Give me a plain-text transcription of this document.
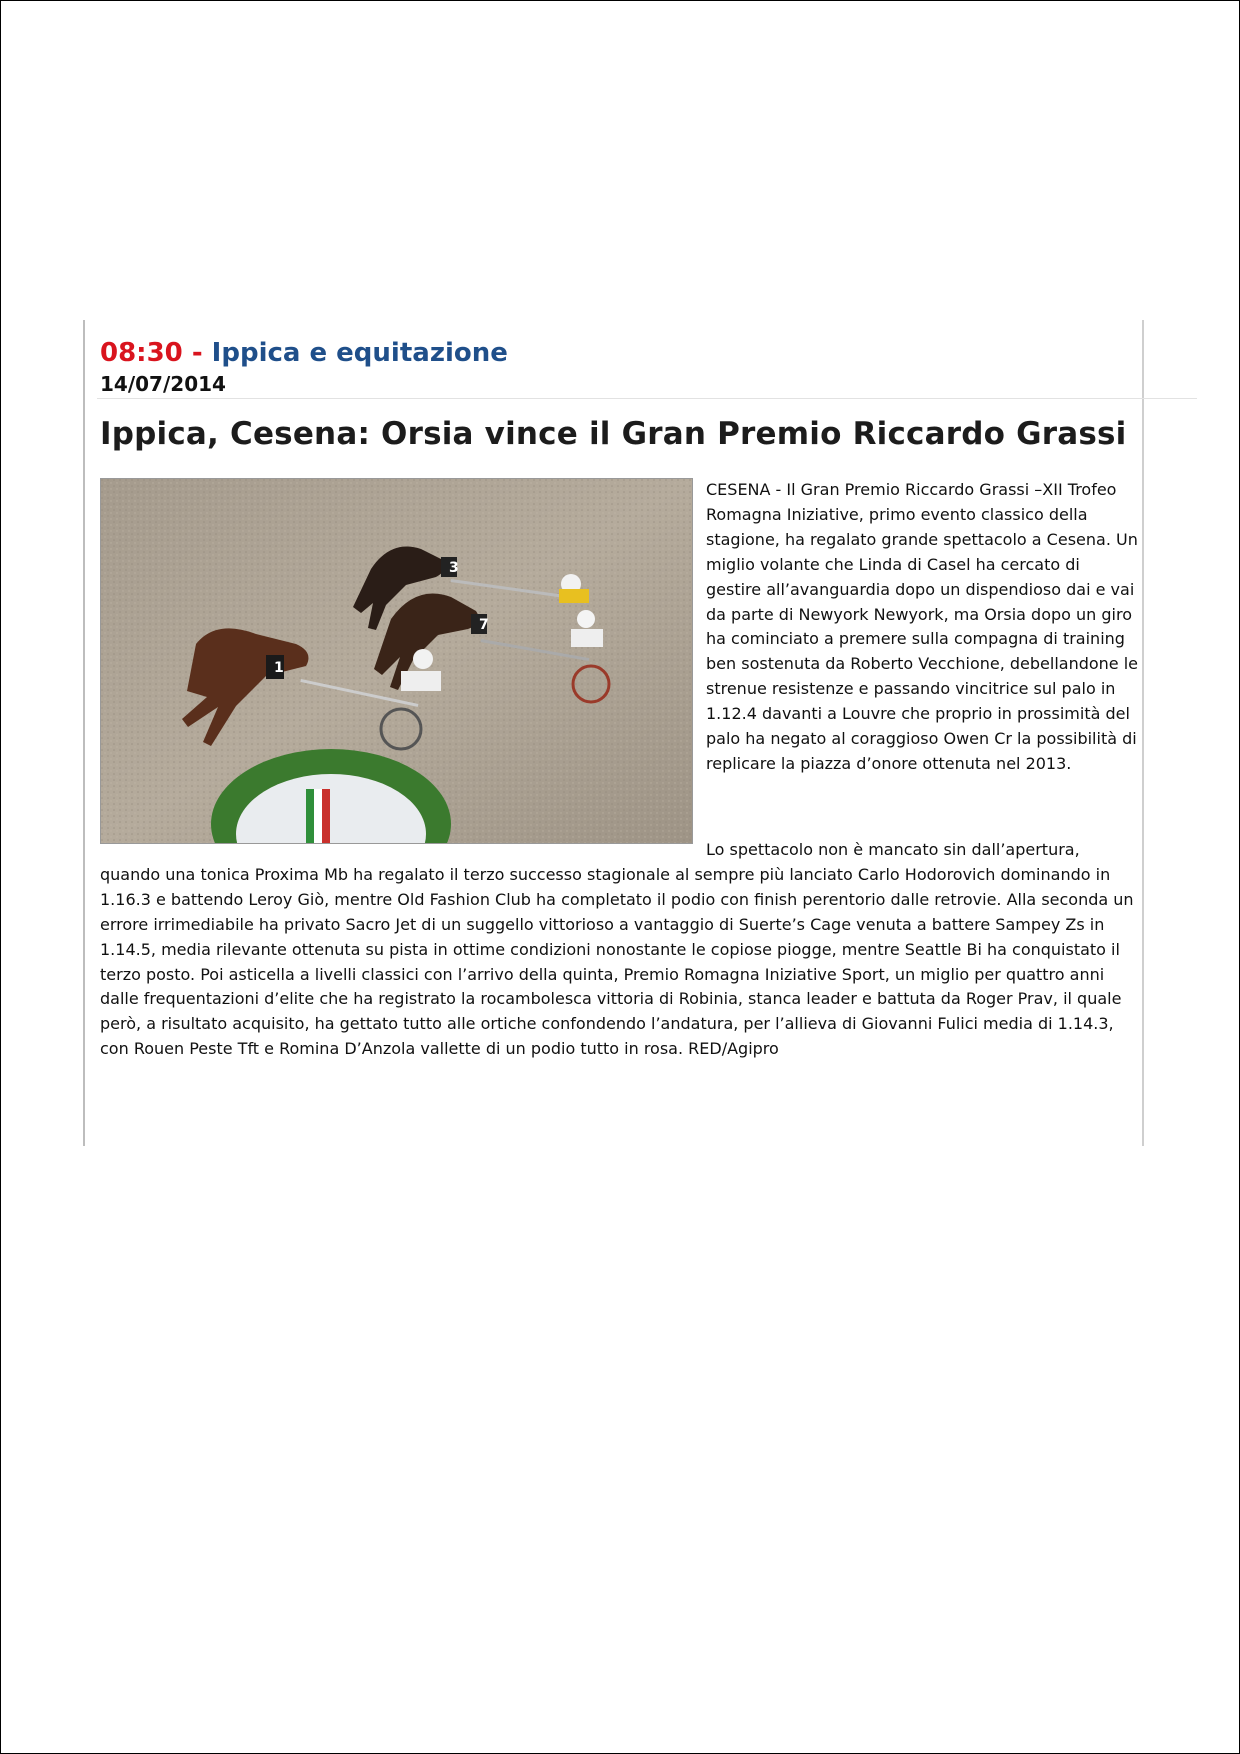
08:30 - Ippica e equitazione
14/07/2014
Ippica, Cesena: Orsia vince il Gran Premio Riccardo Grassi
3
7
1

CESENA - Il Gran Premio Riccardo Grassi –XII Trofeo Romagna Iniziative, primo evento classico della stagione, ha regalato grande spettacolo a Cesena. Un miglio volante che Linda di Casel ha cercato di gestire all’avanguardia dopo un dispendioso dai e vai da parte di Newyork Newyork, ma Orsia dopo un giro ha cominciato a premere sulla compagna di training ben sostenuta da Roberto Vecchione, debellandone le strenue resistenze e passando vincitrice sul palo in 1.12.4 davanti a Louvre che proprio in prossimità del palo ha negato al coraggioso Owen Cr la possibilità di replicare la piazza d’onore ottenuta nel 2013.

Lo spettacolo non è mancato sin dall’apertura, quando una tonica Proxima Mb ha regalato il terzo successo stagionale al sempre più lanciato Carlo Hodorovich dominando in 1.16.3 e battendo Leroy Giò, mentre Old Fashion Club ha completato il podio con finish perentorio dalle retrovie. Alla seconda un errore irrimediabile ha privato Sacro Jet di un suggello vittorioso a vantaggio di Suerte’s Cage venuta a battere Sampey Zs in 1.14.5, media rilevante ottenuta su pista in ottime condizioni nonostante le copiose piogge, mentre Seattle Bi ha conquistato il terzo posto. Poi asticella a livelli classici con l’arrivo della quinta, Premio Romagna Iniziative Sport, un miglio per quattro anni dalle frequentazioni d’elite che ha registrato la rocambolesca vittoria di Robinia, stanca leader e battuta da Roger Prav, il quale però, a risultato acquisito, ha gettato tutto alle ortiche confondendo l’andatura, per l’allieva di Giovanni Fulici media di 1.14.3, con Rouen Peste Tft e Romina D’Anzola vallette di un podio tutto in rosa. RED/Agipro
